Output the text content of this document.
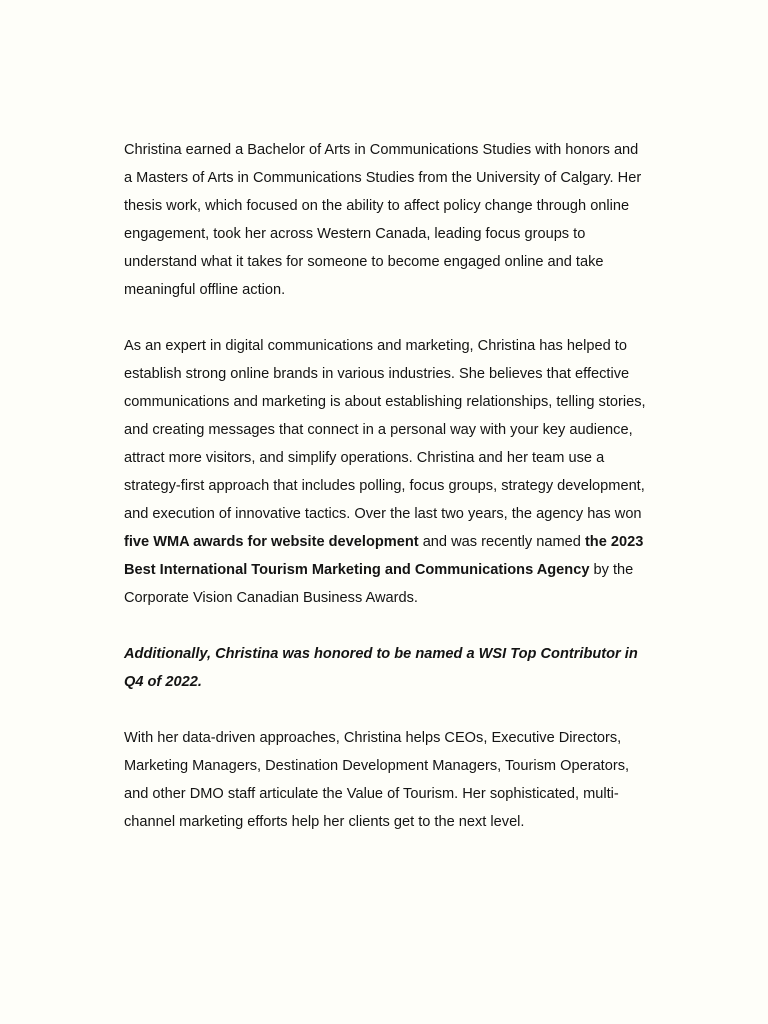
Christina earned a Bachelor of Arts in Communications Studies with honors and a Masters of Arts in Communications Studies from the University of Calgary. Her thesis work, which focused on the ability to affect policy change through online engagement, took her across Western Canada, leading focus groups to understand what it takes for someone to become engaged online and take meaningful offline action.

As an expert in digital communications and marketing, Christina has helped to establish strong online brands in various industries. She believes that effective communications and marketing is about establishing relationships, telling stories, and creating messages that connect in a personal way with your key audience, attract more visitors, and simplify operations. Christina and her team use a strategy-first approach that includes polling, focus groups, strategy development, and execution of innovative tactics. Over the last two years, the agency has won five WMA awards for website development and was recently named the 2023 Best International Tourism Marketing and Communications Agency by the Corporate Vision Canadian Business Awards.

Additionally, Christina was honored to be named a WSI Top Contributor in Q4 of 2022.

With her data-driven approaches, Christina helps CEOs, Executive Directors, Marketing Managers, Destination Development Managers, Tourism Operators, and other DMO staff articulate the Value of Tourism. Her sophisticated, multi-channel marketing efforts help her clients get to the next level.
